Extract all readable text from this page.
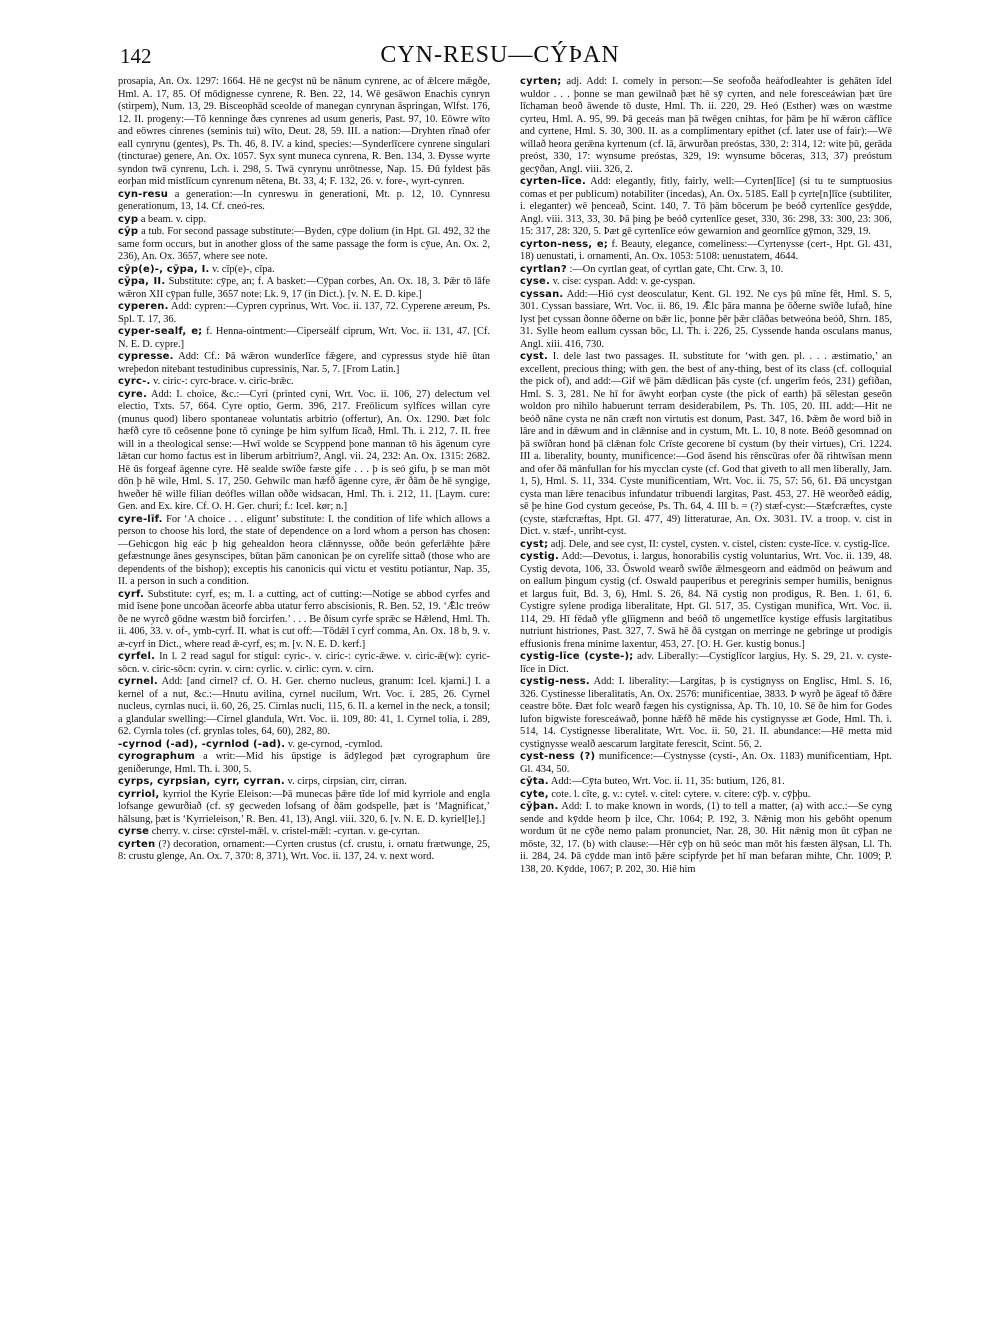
142	CYN-RESU—CÝÞAN

prosapia, An. Ox. 1297: 1664. Hē ne gecȳst nū be nānum cynrene, ac of ǣlcere mǣgðe, Hml. A. 17, 85. Of mōdignesse cynrene, R. Ben. 22, 14. Wē gesāwon Enachis cynryn (stirpem), Num. 13, 29. Bisceophād sceolde of manegan cynrynan āspringan, Wlfst. 176, 12. II. progeny:—Tō kenninge ðæs cynrenes ad usum generis, Past. 97, 10. Eōwre wīto and eōwres cinrenes (seminis tui) wīto, Deut. 28, 59. III. a nation:—Dryhten rīnað ofer eall cynrynu (gentes), Ps. Th. 46, 8. IV. a kind, species:—Synderlīcere cynrene singulari (tincturae) genere, An. Ox. 1057. Syx synt muneca cynrena, R. Ben. 134, 3. Ðysse wyrte syndon twā cynrenu, Lch. i. 298, 5. Twā cynrynu unrōtnesse, Nap. 15. Ðū fyldest þās eorþan mid mistlīcum cynrenum nētena, Bt. 33, 4; F. 132, 26. v. fore-, wyrt-cynren.

cyn-resu a generation:—In cynreswu in generationi, Mt. p. 12, 10. Cynnresu generationum, 13, 14. Cf. cneó-res.

cyp a beam. v. cipp.

cȳp a tub. For second passage substitute:—Byden, cȳpe dolium (in Hpt. Gl. 492, 32 the same form occurs, but in another gloss of the same passage the form is cȳue, An. Ox. 2, 236), An. Ox. 3657, where see note.

cȳp(e)-, cȳpa, I. v. cīp(e)-, cīpa.

cȳpa, II. Substitute: cȳpe, an; f. A basket:—Cȳpan corbes, An. Ox. 18, 3. Þǣr tō lāfe wǣron XII cȳpan fulle, 3657 note: Lk. 9, 17 (in Dict.). [v. N. E. D. kipe.]

cyperen. Add: cypren:—Cypren cyprinus, Wrt. Voc. ii. 137, 72. Cyperene æreum, Ps. Spl. T. 17, 36.

cyper-sealf, e; f. Henna-ointment:—Ciperseálf ciprum, Wrt. Voc. ii. 131, 47. [Cf. N. E. D. cypre.]

cypresse. Add: Cf.: Þā wǣron wunderlīce fǣgere, and cypressus styde hiē ūtan wreþedon nitebant testudinibus cupressinis, Nar. 5, 7. [From Latin.]

cyrc-. v. ciric-: cyrc-brace. v. ciric-brǣc.

cyre. Add: I. choice, &c.:—Cyri (printed cyni, Wrt. Voc. ii. 106, 27) delectum vel electio, Txts. 57, 664. Cyre optio, Germ. 396, 217. Freōlicum sylfīces willan cyre (munus quod) libero spontaneae voluntatis arbitrio (offertur), An. Ox. 1290. Þæt folc hæfð cyre tō ceōsenne þone tō cyninge þe him sylfum līcað, Hml. Th. i. 212, 7. II. free will in a theological sense:—Hwī wolde se Scyppend þone mannan tō his āgenum cyre lǣtan cur homo factus est in liberum arbitrium?, Angl. vii. 24, 232: An. Ox. 1315: 2682. Hē ūs forgeaf āgenne cyre. Hē sealde swīðe fæste gife . . . þ is seó gifu, þ se man mōt dōn þ hē wile, Hml. S. 17, 250. Gehwilc man hæfð āgenne cyre, ǣr ðām ðe hē syngige, hweðer hē wille filian deófles willan oððe widsacan, Hml. Th. i. 212, 11. [Laym. cure: Gen. and Ex. kire. Cf. O. H. Ger. churi; f.: Icel. kør; n.]

cyre-līf. For ‘A choice . . . eligunt’ substitute: I. the condition of life which allows a person to choose his lord, the state of dependence on a lord whom a person has chosen:—Gehicgon hig eác þ hig gehealdon heora clǣnnysse, oððe beón geferlǣhte þǣre gefæstnunge ānes gesynscipes, būtan þām canonican þe on cyrelīfe sittað (those who are dependents of the bishop); exceptis his canonicis qui victu et vestitu potiantur, Nap. 35, II. a person in such a condition.

cyrf. Substitute: cyrf, es; m. I. a cutting, act of cutting:—Notige se abbod cyrfes and mid īsene þone uncoðan āceorfe abba utatur ferro abscisionis, R. Ben. 52, 19. ‘Ǣlc treów ðe ne wyrcð gōdne wæstm bið forcirfen.’ . . . Be ðisum cyrfe sprǣc se Hǣlend, Hml. Th. ii. 406, 33. v. of-, ymb-cyrf. II. what is cut off:—Tōdǣl ī cyrf comma, An. Ox. 18 b, 9. v. æ-cyrf in Dict., where read ǣ-cyrf, es; m. [v. N. E. D. kerf.]

cyrfel. In l. 2 read sagul for stigul: cyric-. v. ciric-: cyric-ǣwe. v. ciric-ǣ(w): cyric-sōcn. v. ciric-sōcn: cyrin. v. cirn: cyrlic. v. cirlic: cyrn. v. cirn.

cyrnel. Add: [and cirnel? cf. O. H. Ger. cherno nucleus, granum: Icel. kjarni.] I. a kernel of a nut, &c.:—Hnutu avilina, cyrnel nucilum, Wrt. Voc. i. 285, 26. Cyrnel nucleus, cyrnlas nuci, ii. 60, 26, 25. Cirnlas nucli, 115, 6. II. a kernel in the neck, a tonsil; a glandular swelling:—Cirnel glandula, Wrt. Voc. ii. 109, 80: 41, 1. Cyrnel tolia, i. 289, 62. Cyrnla toles (cf. grynlas toles, 64, 60), 282, 80.

-cyrnod (-ad), -cyrnlod (-ad). v. ge-cyrnod, -cyrnlod.

cyrographum a writ:—Mid his ūpstige is ādȳlegod þæt cyrographum ūre geniðerunge, Hml. Th. i. 300, 5.

cyrps, cyrpsian, cyrr, cyrran. v. cirps, cirpsian, cirr, cirran.

cyrriol, kyrriol the Kyrie Eleison:—Þā munecas þǣre tīde lof mid kyrriole and engla lofsange gewurðiað (cf. sȳ gecweden lofsang of ðām godspelle, þæt is ‘Magnificat,’ hālsung, þæt is ‘Kyrrieleison,’ R. Ben. 41, 13), Angl. viii. 320, 6. [v. N. E. D. kyriel[le].]

cyrse cherry. v. cirse: cȳrstel-mǣl. v. cristel-mǣl: -cyrtan. v. ge-cyrtan.

cyrten (?) decoration, ornament:—Cyrten crustus (cf. crustu, i. ornatu frætwunge, 25, 8: crustu glenge, An. Ox. 7, 370: 8, 371), Wrt. Voc. ii. 137, 24. v. next word.

cyrten; adj. Add: I. comely in person:—Se seofoða heáfodleahter is gehāten īdel wuldor . . . þonne se man gewilnað þæt hē sȳ cyrten, and nele foresceáwian þæt ūre līchaman beoð āwende tō duste, Hml. Th. ii. 220, 29. Heó (Esther) wæs on wæstme cyrteu, Hml. A. 95, 99. Þā geceás man þā twēgen cnihtas, for þām þe hī wǣron cāflīce and cyrtene, Hml. S. 30, 300. II. as a complimentary epithet (cf. later use of fair):—Wē willað heora gerǣna kyrtenum (cf. lā, ārwurðan preóstas, 330, 2: 314, 12: wite þū, gerāda preóst, 330, 17: wynsume preóstas, 329, 19: wynsume bōceras, 313, 37) preóstum gecȳðan, Angl. viii. 326, 2.

cyrten-līce. Add: elegantly, fitly, fairly, well:—Cyrten[līce] (si tu te sumptuosius comas et per publicum) notabiliter (incedas), An. Ox. 5185. Eall þ cyrte[n]līce (subtiliter, i. eleganter) wē þenceað, Scint. 140, 7. Tō þām bōcerum þe beóð cyrtenlīce gesȳdde, Angl. viii. 313, 33, 30. Þā þing þe beóð cyrtenlīce geset, 330, 36: 298, 33: 300, 23: 306, 15: 317, 28: 320, 5. Þæt gē cyrtenlīce eów gewarnion and geornlīce gȳmon, 329, 19.

cyrton-ness, e; f. Beauty, elegance, comeliness:—Cyrtenysse (cert-, Hpt. Gl. 431, 18) uenustati, i. ornamenti, An. Ox. 1053: 5108: uenustatem, 4644.

cyrtlan? :—On cyrtlan geat, of cyrtlan gate, Cht. Crw. 3, 10.

cyse. v. cise: cyspan. Add: v. ge-cyspan.

cyssan. Add:—Hió cyst deosculatur, Kent. Gl. 192. Ne cys þū mīne fēt, Hml. S. 5, 301. Cyssan bassiare, Wrt. Voc. ii. 86, 19. Ǣlc þāra manna þe ōðerne swīðe lufað, hine lyst þet cyssan ðonne ōðerne on bǣr lic, þonne þēr þǣr clāðas betweóna beóð, Shrn. 185, 31. Sylle heom eallum cyssan bōc, Ll. Th. i. 226, 25. Cyssende handa osculans manus, Angl. xiii. 416, 730.

cyst. I. dele last two passages. II. substitute for ‘with gen. pl. . . . æstimatio,’ an excellent, precious thing; with gen. the best of any-thing, best of its class (cf. colloquial the pick of), and add:—Gif wē þām dǣdlican þās cyste (cf. ungerīm feós, 231) gefiðan, Hml. S. 3, 281. Ne hī for āwyht eorþan cyste (the pick of earth) þā sēlestan geseōn woldon pro nihilo habuerunt terram desiderabilem, Ps. Th. 105, 20. III. add:—Hit ne beóð nāne cysta ne nān cræft non virtutis est donum, Past. 347, 16. Þǣm ðe word bið in lāre and in dǣwum and in clǣnnise and in cystum, Mt. L. 10, 8 note. Beóð gesomnad on þā swīðran hond þā clǣnan folc Crīste gecorene bī cystum (by their virtues), Cri. 1224. III a. liberality, bounty, munificence:—God āsend his rēnscūras ofer ðā rihtwīsan menn and ofer ðā mānfullan for his mycclan cyste (cf. God that giveth to all men liberally, Jam. 1, 5), Hml. S. 11, 334. Cyste munificentiam, Wrt. Voc. ii. 75, 57: 56, 61. Ðā uncystgan cysta man lǣre tenacibus infundatur tribuendi largitas, Past. 453, 27. Hē weorðeð eádig, sē þe hine God cystum geceóse, Ps. Th. 64, 4. III b. = (?) stæf-cyst:—Stæfcræftes, cyste (cyste, stæfcræftas, Hpt. Gl. 477, 49) litteraturae, An. Ox. 3031. IV. a troop. v. cist in Dict. v. stæf-, unriht-cyst.

cyst; adj. Dele, and see cyst, II: cystel, cysten. v. cistel, cisten: cyste-līce. v. cystig-līce.

cystig. Add:—Devotus, i. largus, honorabilis cystig voluntarius, Wrt. Voc. ii. 139, 48. Cystig devota, 106, 33. Ōswold wearð swīðe ǣlmesgeorn and eádmōd on þeáwum and on eallum þingum cystig (cf. Oswald pauperibus et peregrinis semper humilis, benignus et largus fuit, Bd. 3, 6), Hml. S. 26, 84. Nā cystig non prodigus, R. Ben. 1. 61, 6. Cystigre sylene prodiga liberalitate, Hpt. Gl. 517, 35. Cystigan munifica, Wrt. Voc. ii. 114, 29. Hī fēdað yfle glīigmenn and beóð tō ungemetlīce kystige effusis largitatibus nutriunt histriones, Past. 327, 7. Swā hē ðā cystgan on merringe ne gebringe ut prodigis effusionis frena minime laxentur, 453, 27. [O. H. Ger. kustig bonus.]

cystig-līce (cyste-); adv. Liberally:—Cystiglīcor largius, Hy. S. 29, 21. v. cyste-līce in Dict.

cystig-ness. Add: I. liberality:—Largitas, þ is cystignyss on Englisc, Hml. S. 16, 326. Cystinesse liberalitatis, An. Ox. 2576: munificentiae, 3833. Þ wyrð þe āgeaf tō ðǣre ceastre bōte. Ðæt folc wearð fægen his cystignissa, Ap. Th. 10, 10. Sē ðe him for Godes lufon bigwiste foresceáwað, þonne hǣfð hē mēde his cystignysse æt Gode, Hml. Th. i. 514, 14. Cystignesse liberalitate, Wrt. Voc. ii. 50, 21. II. abundance:—Hē metta mid cystignysse wealð aescarum largitate ferescit, Scint. 56, 2.

cyst-ness (?) munificence:—Cystnysse (cysti-, An. Ox. 1183) munificentiam, Hpt. Gl. 434, 50.

cȳta. Add:—Cȳta buteo, Wrt. Voc. ii. 11, 35: butium, 126, 81.

cyte, cote. l. cīte, g. v.: cytel. v. citel: cytere. v. citere: cȳþ. v. cȳþþu.

cȳþan. Add: I. to make known in words, (1) to tell a matter, (a) with acc.:—Se cyng sende and kȳdde heom þ ilce, Chr. 1064; P. 192, 3. Nǣnig mon his gebōht openum wordum ūt ne cȳðe nemo palam pronunciet, Nar. 28, 30. Hit nǣnig mon ūt cȳþan ne mōste, 32, 17. (b) with clause:—Hēr cȳþ on hū seóc man mōt his fæsten ālȳsan, Ll. Th. ii. 284, 24. Þā cȳdde man intō þǣre scipfyrde þet hī man befaran mihte, Chr. 1009; P. 138, 20. Kȳdde, 1067; P. 202, 30. Hiē him
